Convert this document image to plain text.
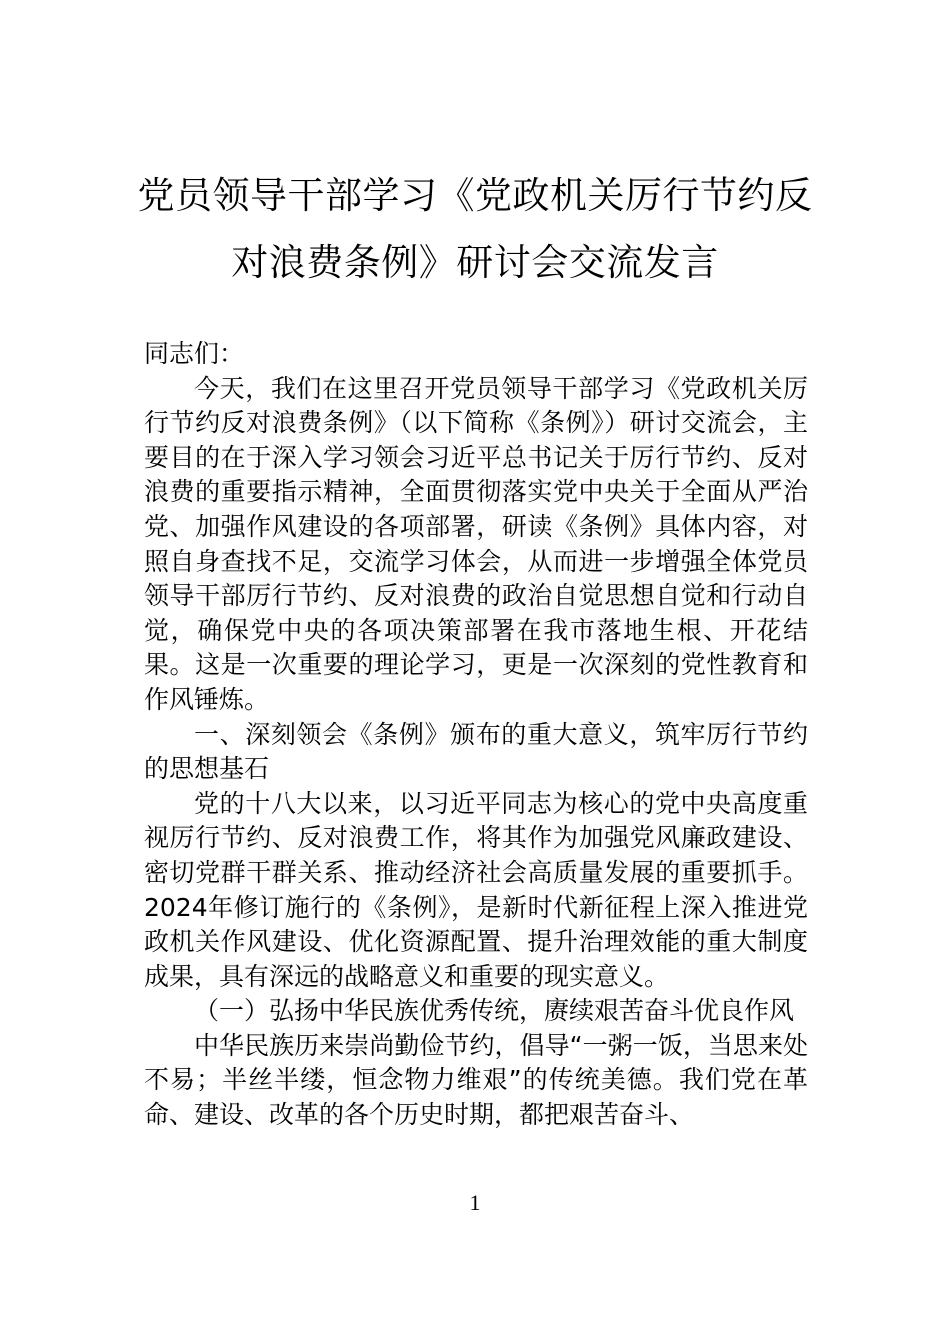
党员领导干部学习《党政机关厉行节约反
对浪费条例》研讨会交流发言

同志们：

今天，我们在这里召开党员领导干部学习《党政机关厉行节约反对浪费条例》（以下简称《条例》）研讨交流会，主要目的在于深入学习领会习近平总书记关于厉行节约、反对浪费的重要指示精神，全面贯彻落实党中央关于全面从严治党、加强作风建设的各项部署，研读《条例》具体内容，对照自身查找不足，交流学习体会，从而进一步增强全体党员领导干部厉行节约、反对浪费的政治自觉思想自觉和行动自觉，确保党中央的各项决策部署在我市落地生根、开花结果。这是一次重要的理论学习，更是一次深刻的党性教育和作风锤炼。

一、深刻领会《条例》颁布的重大意义，筑牢厉行节约的思想基石

党的十八大以来，以习近平同志为核心的党中央高度重视厉行节约、反对浪费工作，将其作为加强党风廉政建设、密切党群干群关系、推动经济社会高质量发展的重要抓手。2024年修订施行的《条例》，是新时代新征程上深入推进党政机关作风建设、优化资源配置、提升治理效能的重大制度成果，具有深远的战略意义和重要的现实意义。

（一）弘扬中华民族优秀传统，赓续艰苦奋斗优良作风

中华民族历来崇尚勤俭节约，倡导“一粥一饭，当思来处不易；半丝半缕，恒念物力维艰”的传统美德。我们党在革命、建设、改革的各个历史时期，都把艰苦奋斗、

1
